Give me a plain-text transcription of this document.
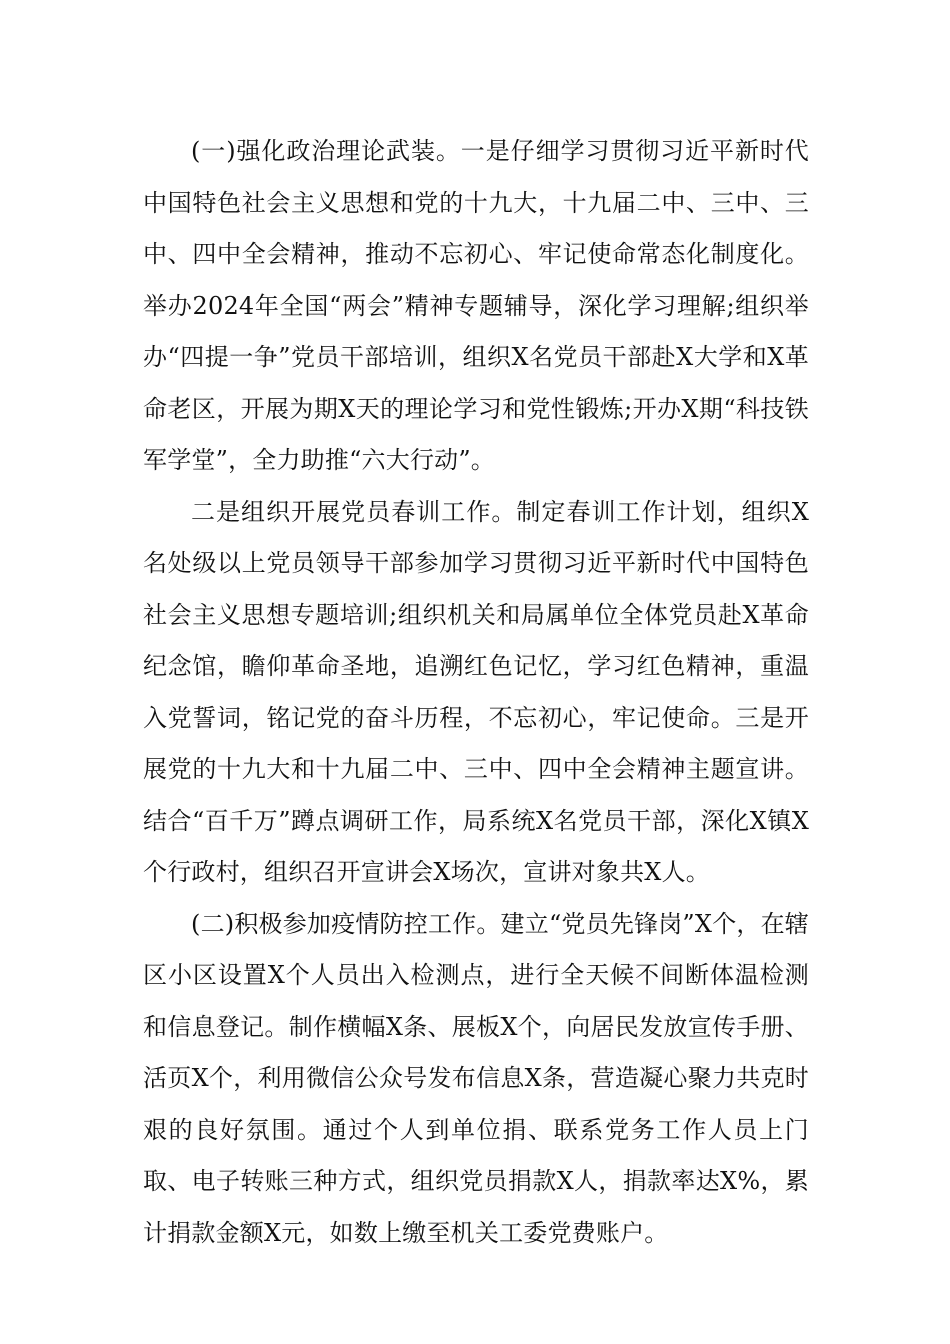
(一)强化政治理论武装。一是仔细学习贯彻习近平新时代中国特色社会主义思想和党的十九大，十九届二中、三中、三中、四中全会精神，推动不忘初心、牢记使命常态化制度化。举办2024年全国“两会”精神专题辅导，深化学习理解;组织举办“四提一争”党员干部培训，组织X名党员干部赴X大学和X革命老区，开展为期X天的理论学习和党性锻炼;开办X期“科技铁军学堂”，全力助推“六大行动”。

二是组织开展党员春训工作。制定春训工作计划，组织X名处级以上党员领导干部参加学习贯彻习近平新时代中国特色社会主义思想专题培训;组织机关和局属单位全体党员赴X革命纪念馆，瞻仰革命圣地，追溯红色记忆，学习红色精神，重温入党誓词，铭记党的奋斗历程，不忘初心，牢记使命。三是开展党的十九大和十九届二中、三中、四中全会精神主题宣讲。结合“百千万”蹲点调研工作，局系统X名党员干部，深化X镇X个行政村，组织召开宣讲会X场次，宣讲对象共X人。

(二)积极参加疫情防控工作。建立“党员先锋岗”X个，在辖区小区设置X个人员出入检测点，进行全天候不间断体温检测和信息登记。制作横幅X条、展板X个，向居民发放宣传手册、活页X个，利用微信公众号发布信息X条，营造凝心聚力共克时艰的良好氛围。通过个人到单位捐、联系党务工作人员上门取、电子转账三种方式，组织党员捐款X人，捐款率达X%，累计捐款金额X元，如数上缴至机关工委党费账户。
